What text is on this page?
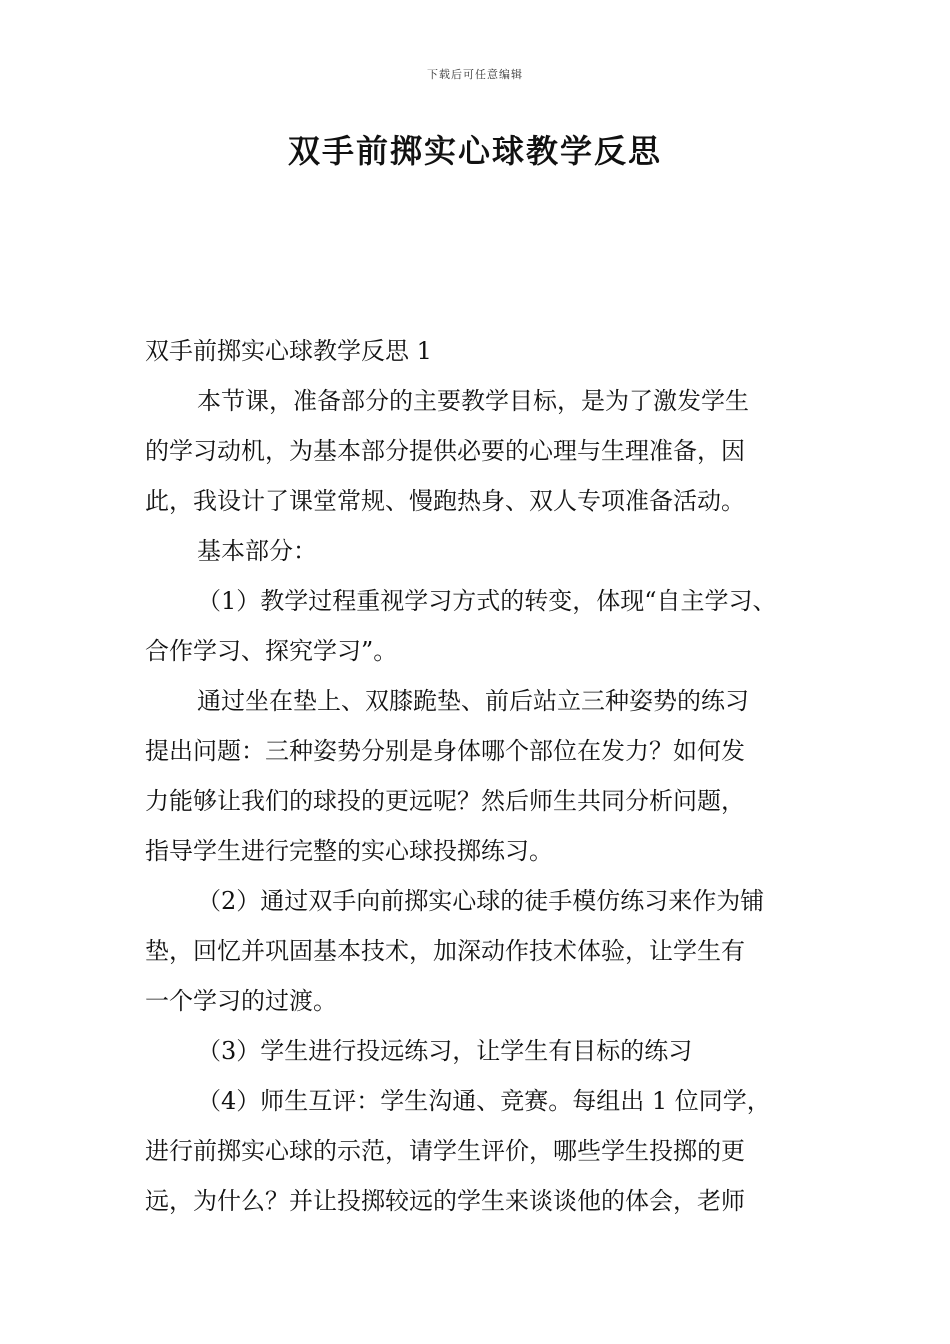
下载后可任意编辑
双手前掷实心球教学反思

双手前掷实心球教学反思 1

本节课，准备部分的主要教学目标，是为了激发学生

的学习动机，为基本部分提供必要的心理与生理准备，因

此，我设计了课堂常规、慢跑热身、双人专项准备活动。

基本部分：

（1）教学过程重视学习方式的转变，体现“自主学习、

合作学习、探究学习”。

通过坐在垫上、双膝跪垫、前后站立三种姿势的练习

提出问题：三种姿势分别是身体哪个部位在发力？如何发

力能够让我们的球投的更远呢？然后师生共同分析问题，

指导学生进行完整的实心球投掷练习。

（2）通过双手向前掷实心球的徒手模仿练习来作为铺

垫，回忆并巩固基本技术，加深动作技术体验，让学生有

一个学习的过渡。

（3）学生进行投远练习，让学生有目标的练习

（4）师生互评：学生沟通、竞赛。每组出 1 位同学，

进行前掷实心球的示范，请学生评价，哪些学生投掷的更

远，为什么？并让投掷较远的学生来谈谈他的体会，老师
